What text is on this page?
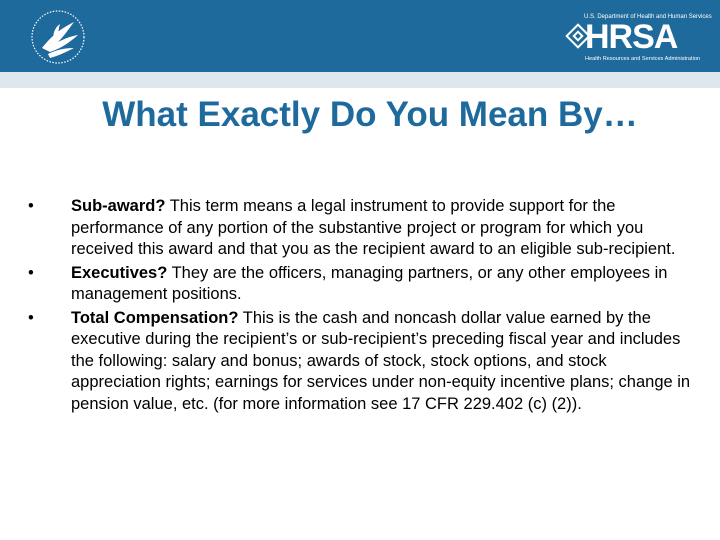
U.S. Department of Health and Human Services
HRSA
Health Resources and Services Administration
What Exactly Do You Mean By…
•	Sub-award? This term means a legal instrument to provide support for the performance of any portion of the substantive project or program for which you received this award and that you as the recipient award to an eligible sub-recipient.
•	Executives? They are the officers, managing partners, or any other employees in management positions.
•	Total Compensation? This is the cash and noncash dollar value earned by the executive during the recipient’s or sub-recipient’s preceding fiscal year and includes the following: salary and bonus; awards of stock, stock options, and stock appreciation rights; earnings for services under non-equity incentive plans; change in pension value, etc. (for more information see 17 CFR 229.402 (c) (2)).
